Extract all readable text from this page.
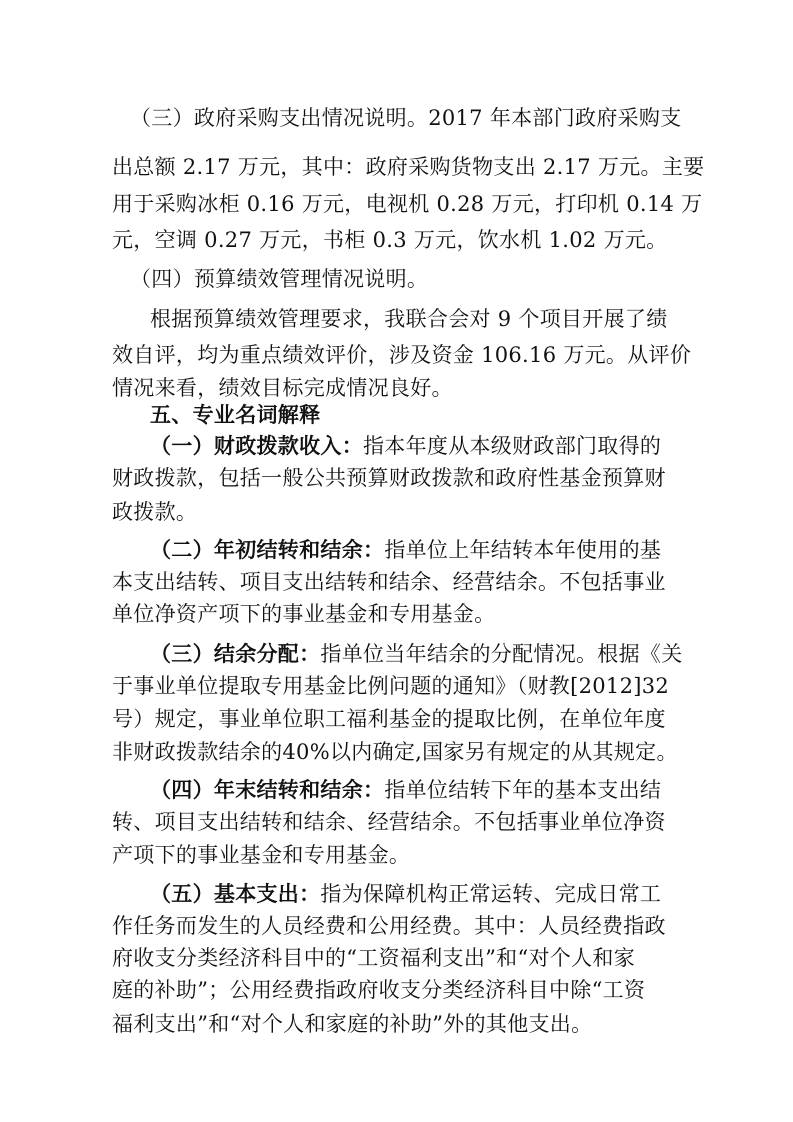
（三）政府采购支出情况说明。2017 年本部门政府采购支
出总额 2.17 万元，其中：政府采购货物支出 2.17 万元。主要
用于采购冰柜 0.16 万元，电视机 0.28 万元，打印机 0.14 万
元，空调 0.27 万元，书柜 0.3 万元，饮水机 1.02 万元。
（四）预算绩效管理情况说明。
根据预算绩效管理要求，我联合会对 9 个项目开展了绩
效自评，均为重点绩效评价，涉及资金 106.16 万元。从评价
情况来看，绩效目标完成情况良好。
五、专业名词解释
（一）财政拨款收入：指本年度从本级财政部门取得的
财政拨款，包括一般公共预算财政拨款和政府性基金预算财
政拨款。
（二）年初结转和结余：指单位上年结转本年使用的基
本支出结转、项目支出结转和结余、经营结余。不包括事业
单位净资产项下的事业基金和专用基金。
（三）结余分配：指单位当年结余的分配情况。根据《关
于事业单位提取专用基金比例问题的通知》（财教[2012]32
号）规定，事业单位职工福利基金的提取比例，在单位年度
非财政拨款结余的40%以内确定,国家另有规定的从其规定。
（四）年末结转和结余：指单位结转下年的基本支出结
转、项目支出结转和结余、经营结余。不包括事业单位净资
产项下的事业基金和专用基金。
（五）基本支出：指为保障机构正常运转、完成日常工
作任务而发生的人员经费和公用经费。其中：人员经费指政
府收支分类经济科目中的“工资福利支出”和“对个人和家
庭的补助”；公用经费指政府收支分类经济科目中除“工资
福利支出”和“对个人和家庭的补助”外的其他支出。
